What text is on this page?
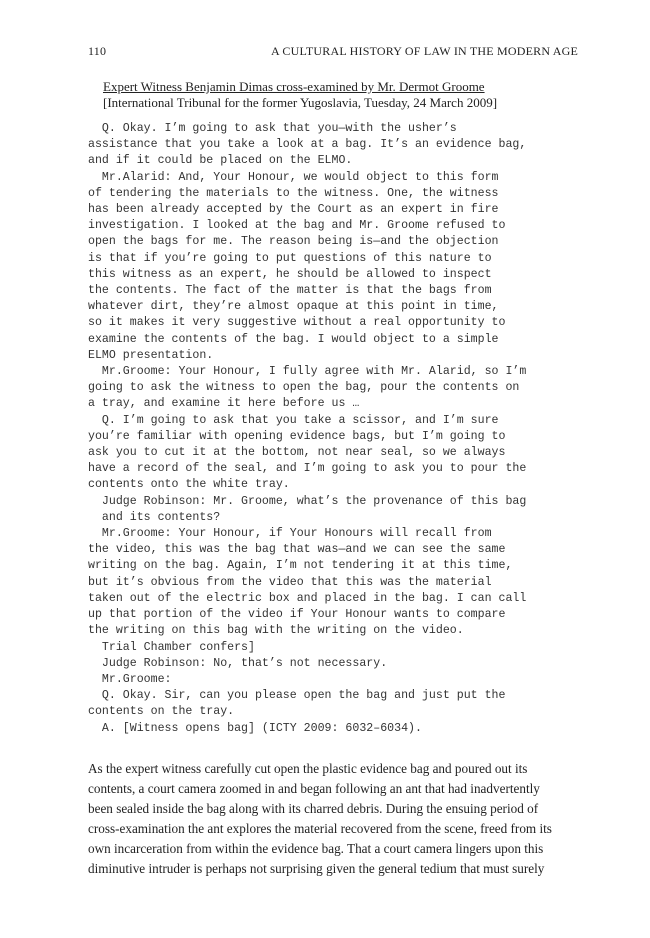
110	A CULTURAL HISTORY OF LAW IN THE MODERN AGE
Expert Witness Benjamin Dimas cross-examined by Mr. Dermot Groome
[International Tribunal for the former Yugoslavia, Tuesday, 24 March 2009]
Q. Okay. I’m going to ask that you—with the usher’s
assistance that you take a look at a bag. It’s an evidence bag,
and if it could be placed on the ELMO.
Mr.Alarid: And, Your Honour, we would object to this form
of tendering the materials to the witness. One, the witness
has been already accepted by the Court as an expert in fire
investigation. I looked at the bag and Mr. Groome refused to
open the bags for me. The reason being is—and the objection
is that if you’re going to put questions of this nature to
this witness as an expert, he should be allowed to inspect
the contents. The fact of the matter is that the bags from
whatever dirt, they’re almost opaque at this point in time,
so it makes it very suggestive without a real opportunity to
examine the contents of the bag. I would object to a simple
ELMO presentation.
Mr.Groome: Your Honour, I fully agree with Mr. Alarid, so I’m
going to ask the witness to open the bag, pour the contents on
a tray, and examine it here before us …
Q. I’m going to ask that you take a scissor, and I’m sure
you’re familiar with opening evidence bags, but I’m going to
ask you to cut it at the bottom, not near seal, so we always
have a record of the seal, and I’m going to ask you to pour the
contents onto the white tray.
Judge Robinson: Mr. Groome, what’s the provenance of this bag
and its contents?
Mr.Groome: Your Honour, if Your Honours will recall from
the video, this was the bag that was—and we can see the same
writing on the bag. Again, I’m not tendering it at this time,
but it’s obvious from the video that this was the material
taken out of the electric box and placed in the bag. I can call
up that portion of the video if Your Honour wants to compare
the writing on this bag with the writing on the video.
Trial Chamber confers]
Judge Robinson: No, that’s not necessary.
Mr.Groome:
Q. Okay. Sir, can you please open the bag and just put the
contents on the tray.
A. [Witness opens bag] (ICTY 2009: 6032–6034).
As the expert witness carefully cut open the plastic evidence bag and poured out its
contents, a court camera zoomed in and began following an ant that had inadvertently
been sealed inside the bag along with its charred debris. During the ensuing period of
cross-examination the ant explores the material recovered from the scene, freed from its
own incarceration from within the evidence bag. That a court camera lingers upon this
diminutive intruder is perhaps not surprising given the general tedium that must surely
